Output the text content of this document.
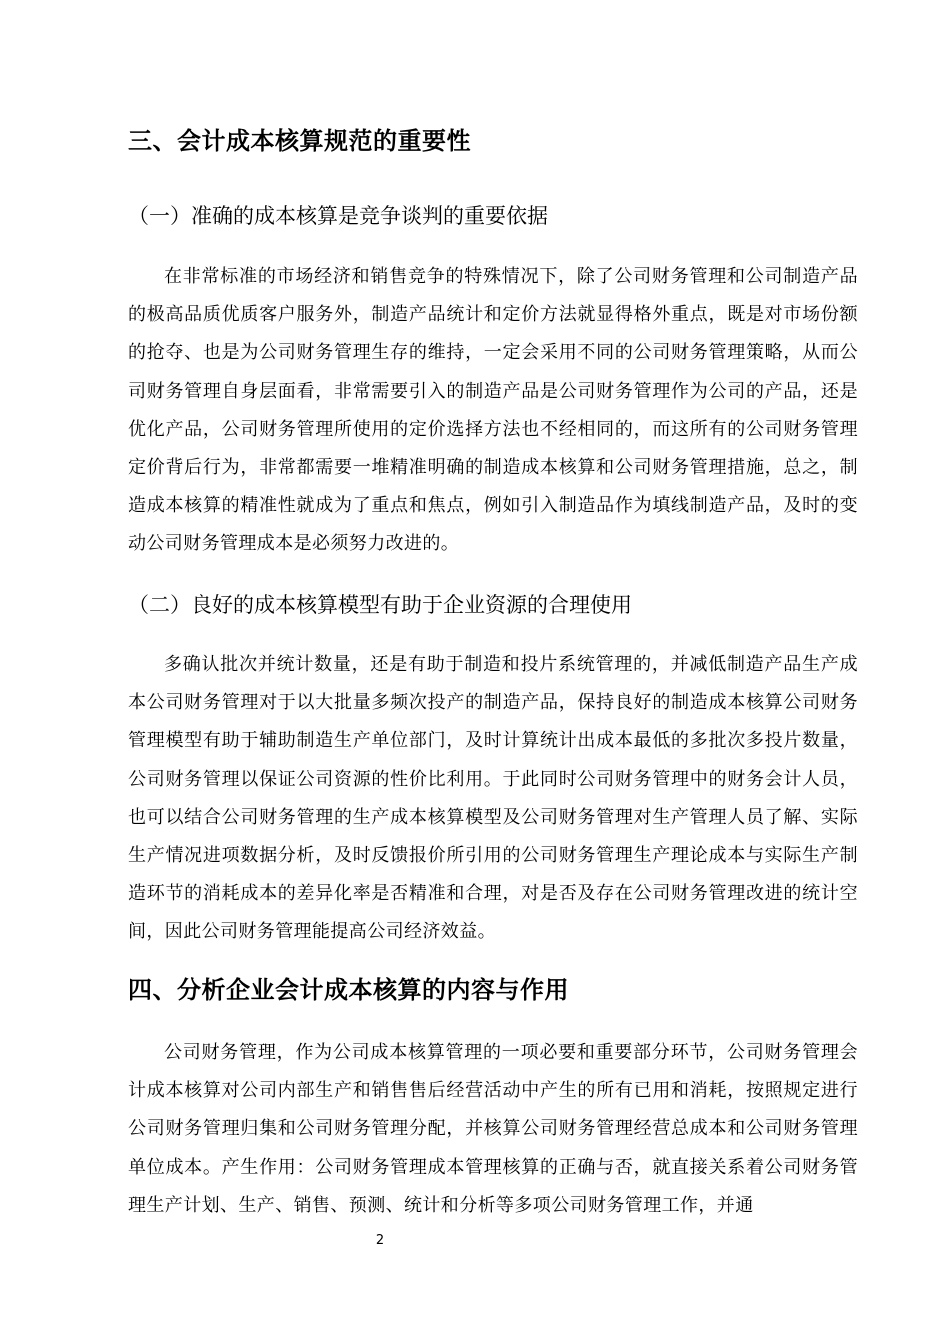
三、会计成本核算规范的重要性
（一）准确的成本核算是竞争谈判的重要依据
在非常标准的市场经济和销售竞争的特殊情况下，除了公司财务管理和公司制造产品的极高品质优质客户服务外，制造产品统计和定价方法就显得格外重点，既是对市场份额的抢夺、也是为公司财务管理生存的维持，一定会采用不同的公司财务管理策略，从而公司财务管理自身层面看，非常需要引入的制造产品是公司财务管理作为公司的产品，还是优化产品，公司财务管理所使用的定价选择方法也不经相同的，而这所有的公司财务管理定价背后行为，非常都需要一堆精准明确的制造成本核算和公司财务管理措施，总之，制造成本核算的精准性就成为了重点和焦点，例如引入制造品作为填线制造产品，及时的变动公司财务管理成本是必须努力改进的。
（二）良好的成本核算模型有助于企业资源的合理使用
多确认批次并统计数量，还是有助于制造和投片系统管理的，并减低制造产品生产成本公司财务管理对于以大批量多频次投产的制造产品，保持良好的制造成本核算公司财务管理模型有助于辅助制造生产单位部门，及时计算统计出成本最低的多批次多投片数量，公司财务管理以保证公司资源的性价比利用。于此同时公司财务管理中的财务会计人员，也可以结合公司财务管理的生产成本核算模型及公司财务管理对生产管理人员了解、实际生产情况进项数据分析，及时反馈报价所引用的公司财务管理生产理论成本与实际生产制造环节的消耗成本的差异化率是否精准和合理，对是否及存在公司财务管理改进的统计空间，因此公司财务管理能提高公司经济效益。
四、分析企业会计成本核算的内容与作用
公司财务管理，作为公司成本核算管理的一项必要和重要部分环节，公司财务管理会计成本核算对公司内部生产和销售售后经营活动中产生的所有已用和消耗，按照规定进行公司财务管理归集和公司财务管理分配，并核算公司财务管理经营总成本和公司财务管理单位成本。产生作用：公司财务管理成本管理核算的正确与否，就直接关系着公司财务管理生产计划、生产、销售、预测、统计和分析等多项公司财务管理工作，并通
2
